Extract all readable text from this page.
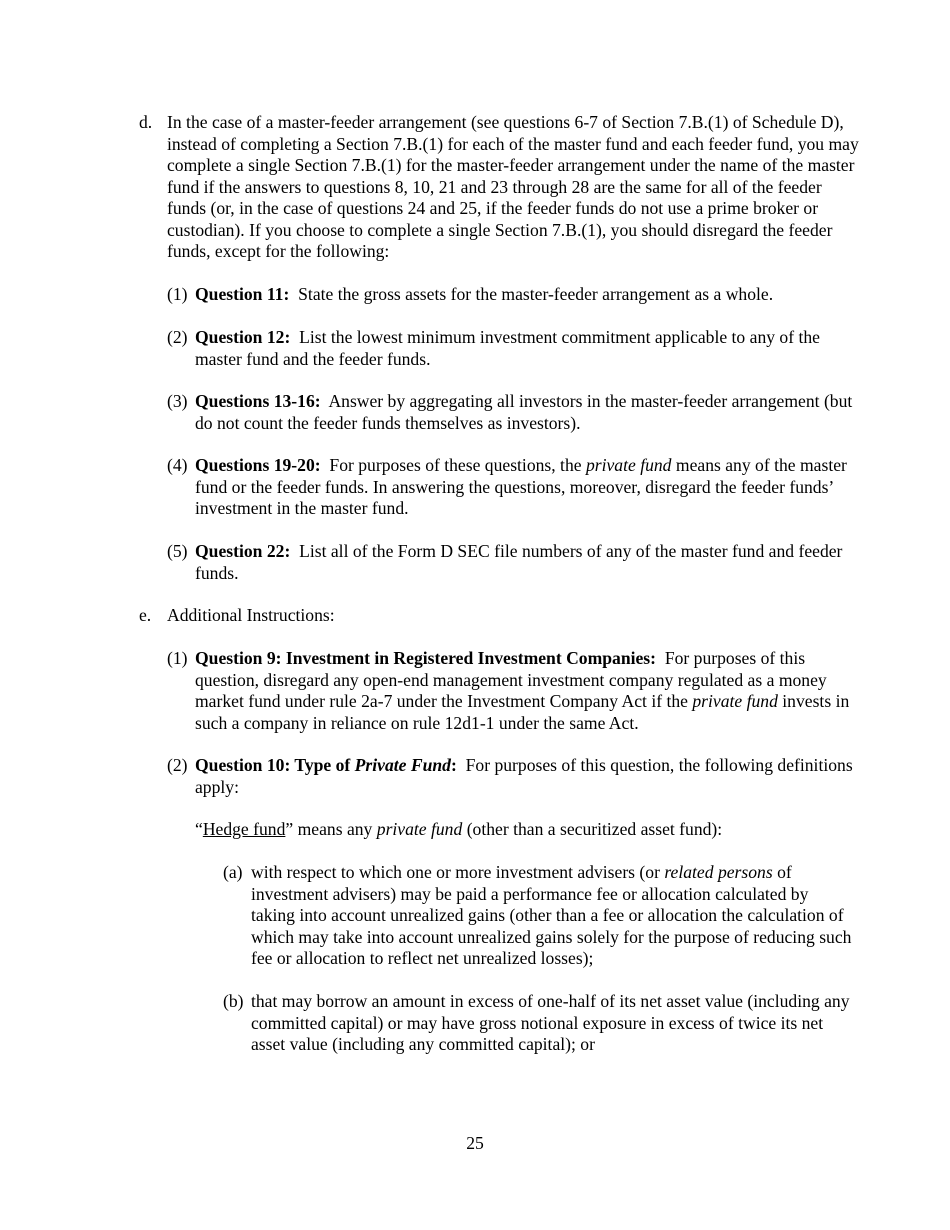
d. In the case of a master-feeder arrangement (see questions 6-7 of Section 7.B.(1) of Schedule D), instead of completing a Section 7.B.(1) for each of the master fund and each feeder fund, you may complete a single Section 7.B.(1) for the master-feeder arrangement under the name of the master fund if the answers to questions 8, 10, 21 and 23 through 28 are the same for all of the feeder funds (or, in the case of questions 24 and 25, if the feeder funds do not use a prime broker or custodian). If you choose to complete a single Section 7.B.(1), you should disregard the feeder funds, except for the following:
(1) Question 11: State the gross assets for the master-feeder arrangement as a whole.
(2) Question 12: List the lowest minimum investment commitment applicable to any of the master fund and the feeder funds.
(3) Questions 13-16: Answer by aggregating all investors in the master-feeder arrangement (but do not count the feeder funds themselves as investors).
(4) Questions 19-20: For purposes of these questions, the private fund means any of the master fund or the feeder funds. In answering the questions, moreover, disregard the feeder funds’ investment in the master fund.
(5) Question 22: List all of the Form D SEC file numbers of any of the master fund and feeder funds.
e. Additional Instructions:
(1) Question 9: Investment in Registered Investment Companies: For purposes of this question, disregard any open-end management investment company regulated as a money market fund under rule 2a-7 under the Investment Company Act if the private fund invests in such a company in reliance on rule 12d1-1 under the same Act.
(2) Question 10: Type of Private Fund: For purposes of this question, the following definitions apply:
“Hedge fund” means any private fund (other than a securitized asset fund):
(a) with respect to which one or more investment advisers (or related persons of investment advisers) may be paid a performance fee or allocation calculated by taking into account unrealized gains (other than a fee or allocation the calculation of which may take into account unrealized gains solely for the purpose of reducing such fee or allocation to reflect net unrealized losses);
(b) that may borrow an amount in excess of one-half of its net asset value (including any committed capital) or may have gross notional exposure in excess of twice its net asset value (including any committed capital); or
25
